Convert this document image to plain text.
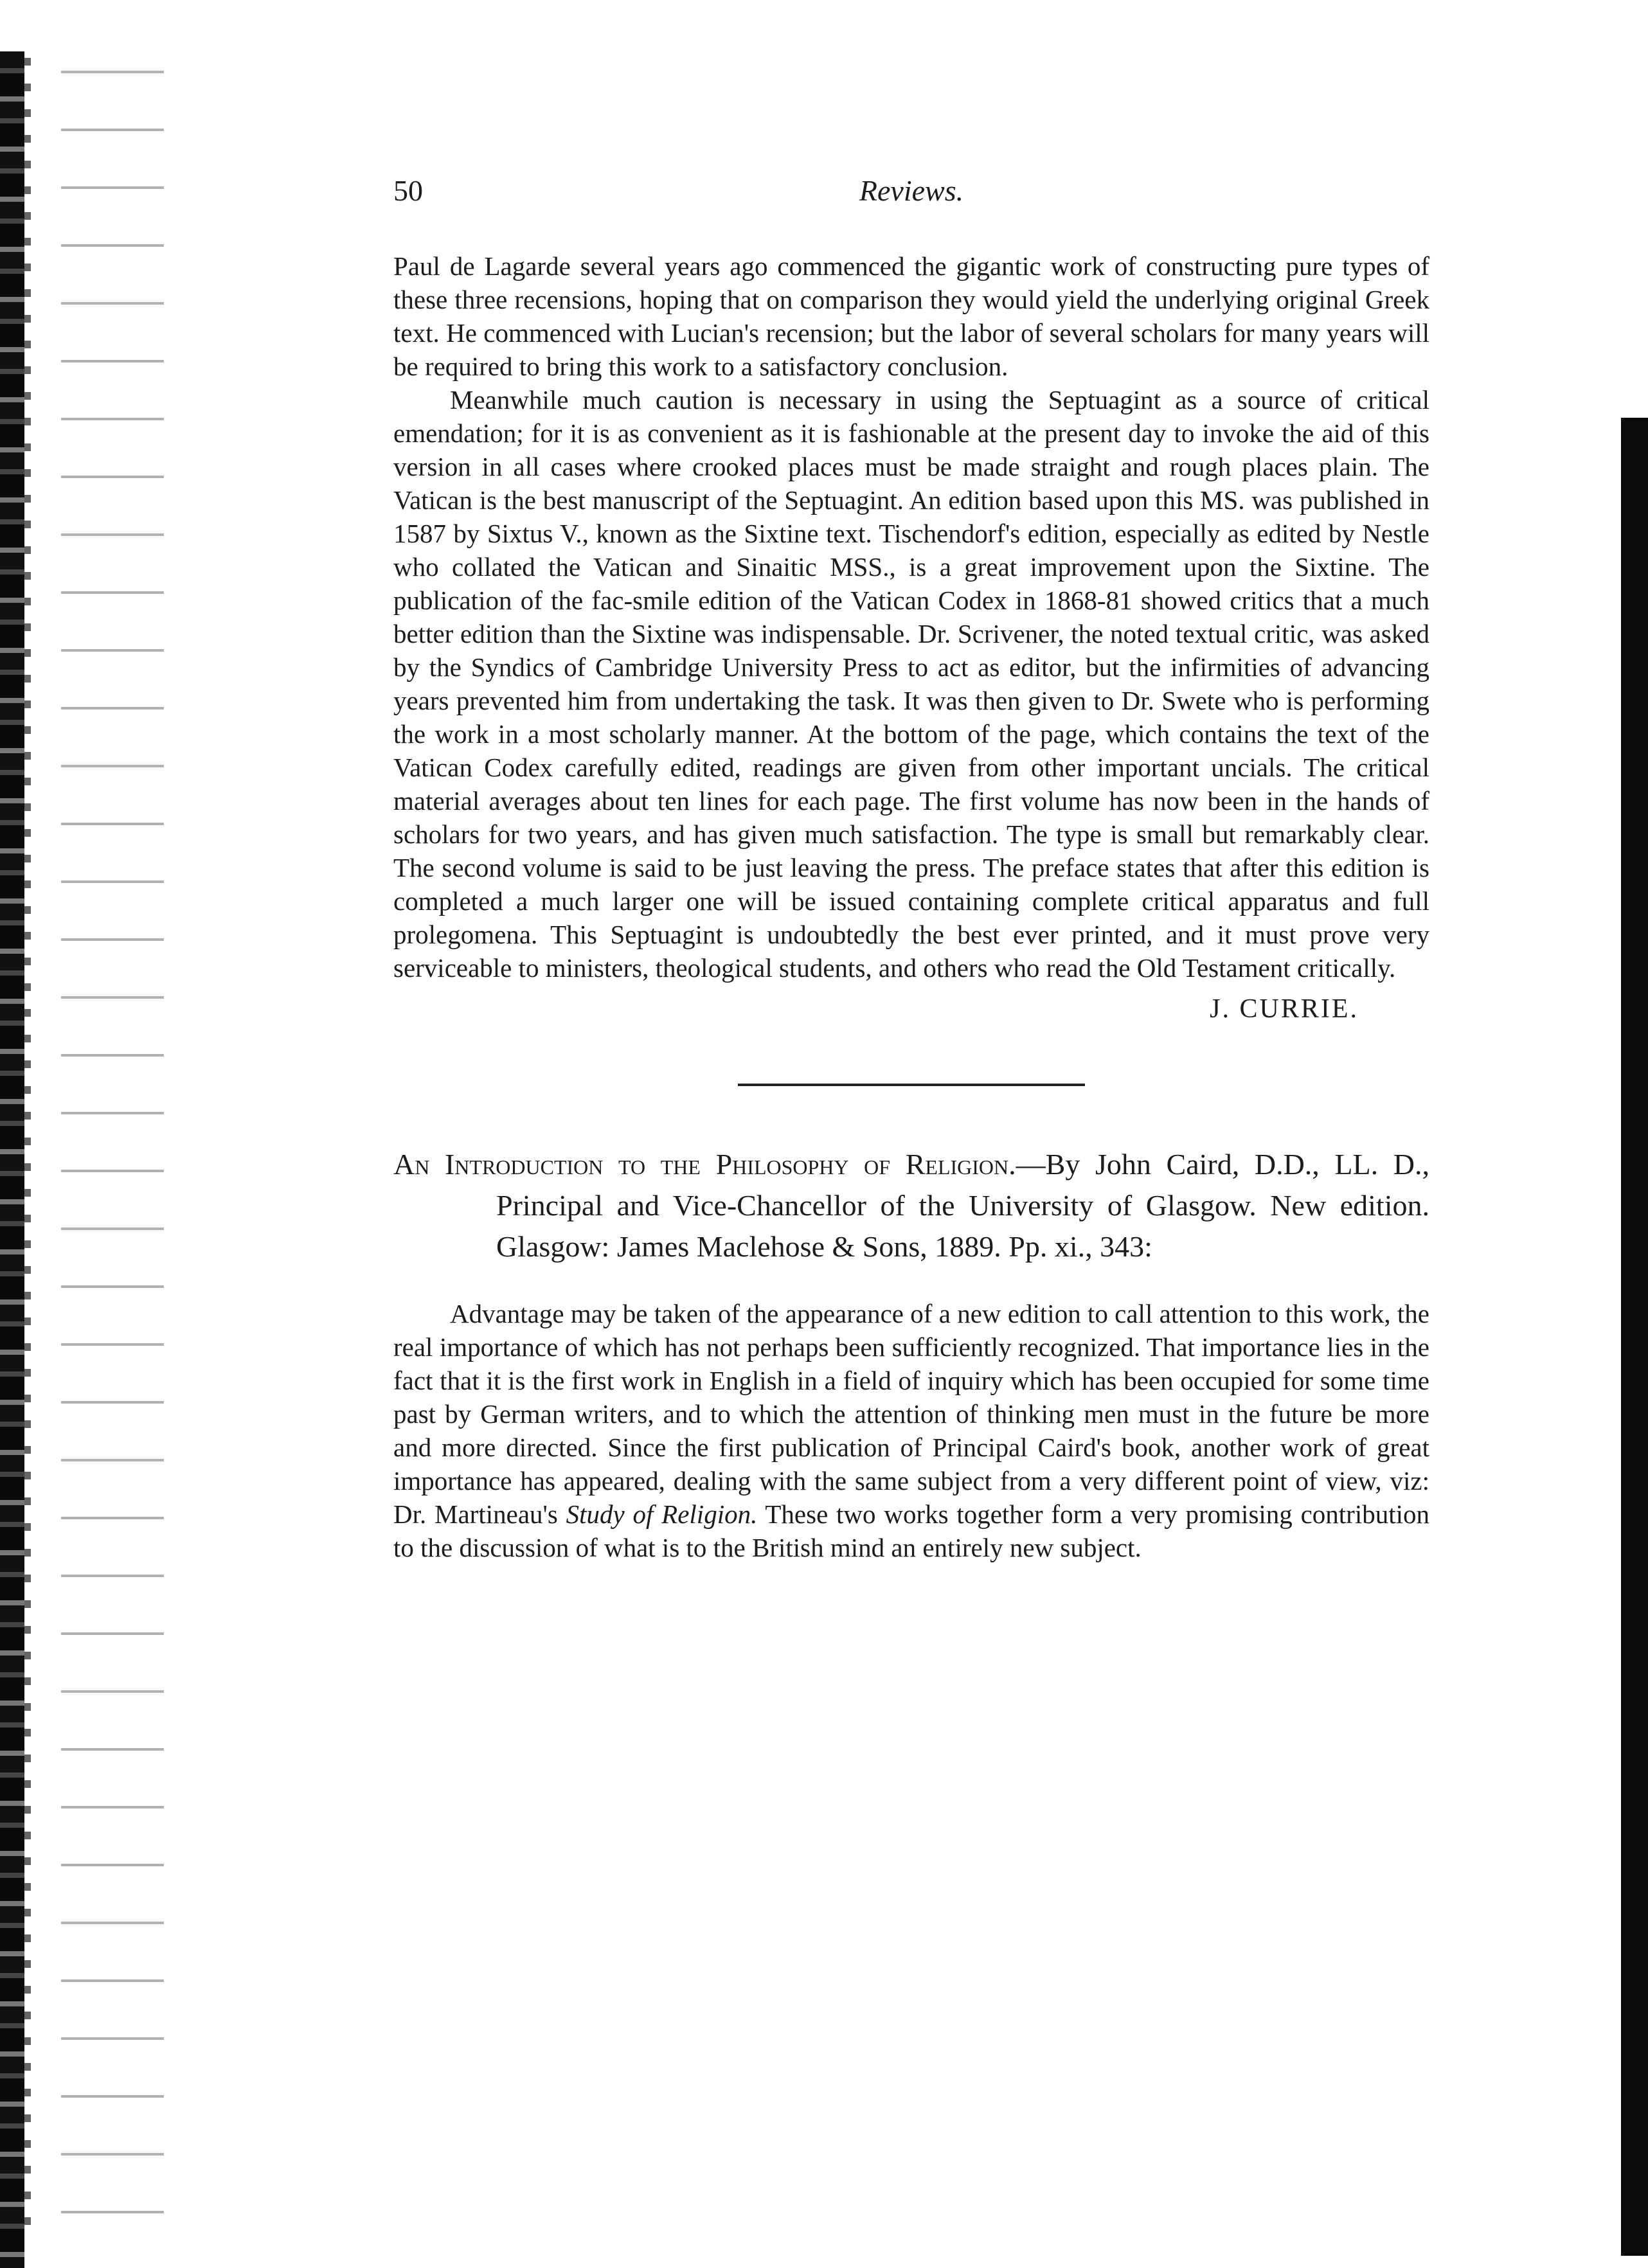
50	Reviews.

Paul de Lagarde several years ago commenced the gigantic work of constructing pure types of these three recensions, hoping that on comparison they would yield the underlying original Greek text. He commenced with Lucian's recension; but the labor of several scholars for many years will be required to bring this work to a satisfactory conclusion.

Meanwhile much caution is necessary in using the Septuagint as a source of critical emendation; for it is as convenient as it is fashionable at the present day to invoke the aid of this version in all cases where crooked places must be made straight and rough places plain. The Vatican is the best manuscript of the Septuagint. An edition based upon this MS. was published in 1587 by Sixtus V., known as the Sixtine text. Tischendorf's edition, especially as edited by Nestle who collated the Vatican and Sinaitic MSS., is a great improvement upon the Sixtine. The publication of the fac-smile edition of the Vatican Codex in 1868-81 showed critics that a much better edition than the Sixtine was indispensable. Dr. Scrivener, the noted textual critic, was asked by the Syndics of Cambridge University Press to act as editor, but the infirmities of advancing years prevented him from undertaking the task. It was then given to Dr. Swete who is performing the work in a most scholarly manner. At the bottom of the page, which contains the text of the Vatican Codex carefully edited, readings are given from other important uncials. The critical material averages about ten lines for each page. The first volume has now been in the hands of scholars for two years, and has given much satisfaction. The type is small but remarkably clear. The second volume is said to be just leaving the press. The preface states that after this edition is completed a much larger one will be issued containing complete critical apparatus and full prolegomena. This Septuagint is undoubtedly the best ever printed, and it must prove very serviceable to ministers, theological students, and others who read the Old Testament critically.

J. CURRIE.

An Introduction to the Philosophy of Religion.—By John Caird, D.D., LL. D., Principal and Vice-Chancellor of the University of Glasgow. New edition. Glasgow: James Maclehose & Sons, 1889. Pp. xi., 343:

Advantage may be taken of the appearance of a new edition to call attention to this work, the real importance of which has not perhaps been sufficiently recognized. That importance lies in the fact that it is the first work in English in a field of inquiry which has been occupied for some time past by German writers, and to which the attention of thinking men must in the future be more and more directed. Since the first publication of Principal Caird's book, another work of great importance has appeared, dealing with the same subject from a very different point of view, viz: Dr. Martineau's Study of Religion. These two works together form a very promising contribution to the discussion of what is to the British mind an entirely new subject.
